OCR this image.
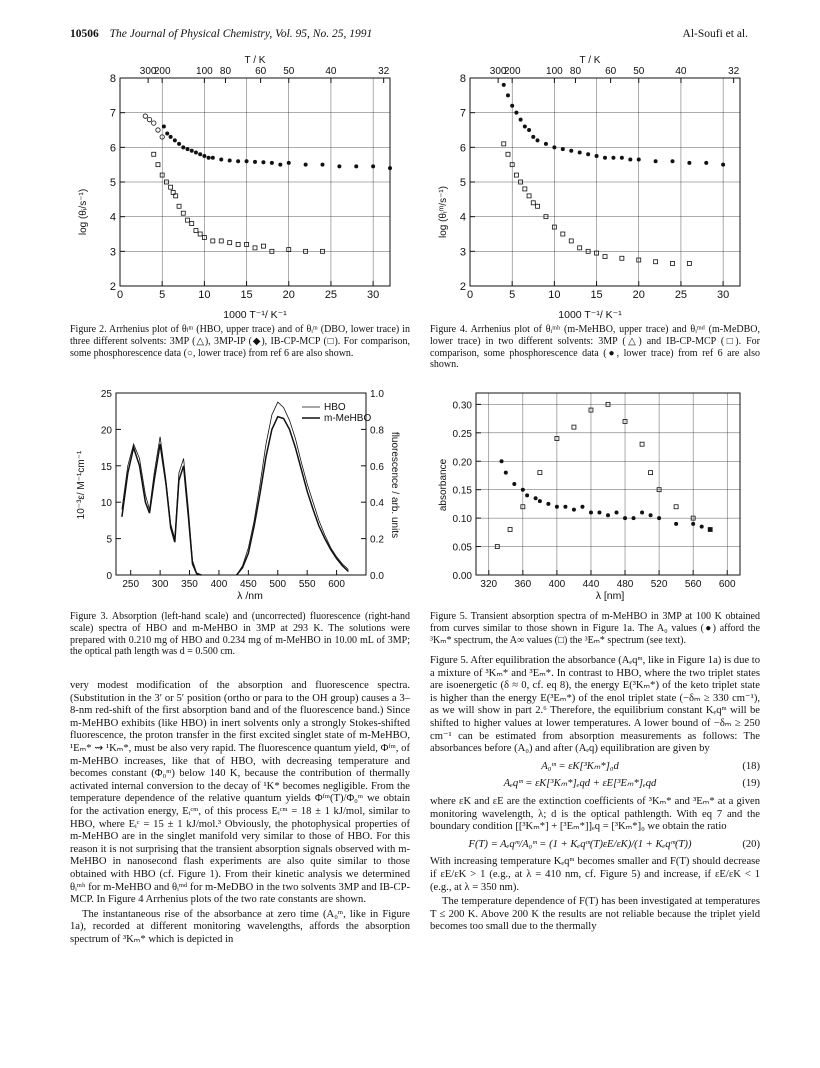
10506 The Journal of Physical Chemistry, Vol. 95, No. 25, 1991	Al-Soufi et al.
T / K
log (θᵢ/s⁻¹)
1000 T⁻¹/ K⁻¹
0	5	10	15	20	25	30
2
3
4
5
6
7
8
300
200	100 80 60 50	40	32
Figure 2. Arrhenius plot of θₗᵐ (HBO, upper trace) and of θᵢᵐ (DBO, lower trace) in three different solvents: 3MP (△), 3MP-IP (◆), IB-CP-MCP (□). For comparison, some phosphorescence data (○, lower trace) from ref 6 are also shown.
T / K
log (θᵢᵐ/s⁻¹)
1000 T⁻¹/ K⁻¹
0	5	10	15	20	25	30
2
3
4
5
6
7
8
300
200	100 80 60 50	40	32
Figure 4. Arrhenius plot of θᵢᵐʰ (m-MeHBO, upper trace) and θᵢᵐᵈ (m-MeDBO, lower trace) in two different solvents: 3MP (△) and IB-CP-MCP (□). For comparison, some phosphorescence data (●, lower trace) from ref 6 are also shown.
10⁻³ε/ M⁻¹cm⁻¹	fluorescence / arb. units
λ /nm
HBO
m-MeHBO
250 300 350 400 450 500 550 600
0
5
10
15
20
25
0.0
0.2
0.4
0.6
0.8
1.0
Figure 3. Absorption (left-hand scale) and (uncorrected) fluorescence (right-hand scale) spectra of HBO and m-MeHBO in 3MP at 293 K. The solutions were prepared with 0.210 mg of HBO and 0.234 mg of m-MeHBO in 10.00 mL of 3MP; the optical path length was d = 0.500 cm.
absorbance
λ [nm]
320 360 400 440 480 520 560 600
0.00
0.05
0.10
0.15
0.20
0.25
0.30
Figure 5. Transient absorption spectra of m-MeHBO in 3MP at 100 K obtained from curves similar to those shown in Figure 1a. The A₀ values (●) afford the ³Kₘ* spectrum, the A∞ values (□) the ³Eₘ* spectrum (see text).

very modest modification of the absorption and fluorescence spectra. (Substitution in the 3′ or 5′ position (ortho or para to the OH group) causes a 3–8-nm red-shift of the first absorption band and of the fluorescence band.) Since m-MeHBO exhibits (like HBO) in inert solvents only a strongly Stokes-shifted fluorescence, the proton transfer in the first excited singlet state of m-MeHBO, ¹Eₘ* ⇝ ¹Kₘ*, must be also very rapid. The fluorescence quantum yield, Φᶠᵐ, of m-MeHBO increases, like that of HBO, with decreasing temperature and becomes constant (Φ₀ᵐ) below 140 K, because the contribution of thermally activated internal conversion to the decay of ¹K* becomes negligible. From the temperature dependence of the relative quantum yields Φᶠᵐ(T)/Φ₀ᵐ we obtain for the activation energy, Eᵢᶜᵐ, of this process Eᵢᶜᵐ = 18 ± 1 kJ/mol, similar to HBO, where Eᵢᶜ = 15 ± 1 kJ/mol.³ Obviously, the photophysical properties of m-MeHBO are in the singlet manifold very similar to those of HBO. For this reason it is not surprising that the transient absorption signals observed with m-MeHBO in nanosecond flash experiments are also quite similar to those obtained with HBO (cf. Figure 1). From their kinetic analysis we determined θᵢᵐʰ for m-MeHBO and θᵢᵐᵈ for m-MeDBO in the two solvents 3MP and IB-CP-MCP. In Figure 4 Arrhenius plots of the two rate constants are shown.

The instantaneous rise of the absorbance at zero time (A₀ᵐ, like in Figure 1a), recorded at different monitoring wavelengths, affords the absorption spectrum of ³Kₘ* which is depicted in

Figure 5. After equilibration the absorbance (Aₑqᵐ, like in Figure 1a) is due to a mixture of ³Kₘ* and ³Eₘ*. In contrast to HBO, where the two triplet states are isoenergetic (δ ≈ 0, cf. eq 8), the energy E(³Kₘ*) of the keto triplet state is higher than the energy E(³Eₘ*) of the enol triplet state (−δₘ ≥ 330 cm⁻¹), as we will show in part 2.⁶ Therefore, the equilibrium constant Kₑqᵐ will be shifted to higher values at lower temperatures. A lower bound of −δₘ ≥ 250 cm⁻¹ can be estimated from absorption measurements as follows: The absorbances before (A₀) and after (Aₑq) equilibration are given by

A₀ᵐ = εK[³Kₘ*]₀d	(18)
Aₑqᵐ = εK[³Kₘ*]ₑqd + εE[³Eₘ*]ₑqd	(19)

where εK and εE are the extinction coefficients of ³Kₘ* and ³Eₘ* at a given monitoring wavelength, λ; d is the optical pathlength. With eq 7 and the boundary condition [[³Kₘ*] + [³Eₘ*]]ₑq = [³Kₘ*]₀ we obtain the ratio

F(T) = Aₑqᵐ/A₀ᵐ = (1 + Kₑqᵐ(T)εE/εK)/(1 + Kₑqᵐ(T))	(20)

With increasing temperature Kₑqᵐ becomes smaller and F(T) should decrease if εE/εK > 1 (e.g., at λ = 410 nm, cf. Figure 5) and increase, if εE/εK < 1 (e.g., at λ = 350 nm).

The temperature dependence of F(T) has been investigated at temperatures T ≤ 200 K. Above 200 K the results are not reliable because the triplet yield becomes too small due to the thermally
